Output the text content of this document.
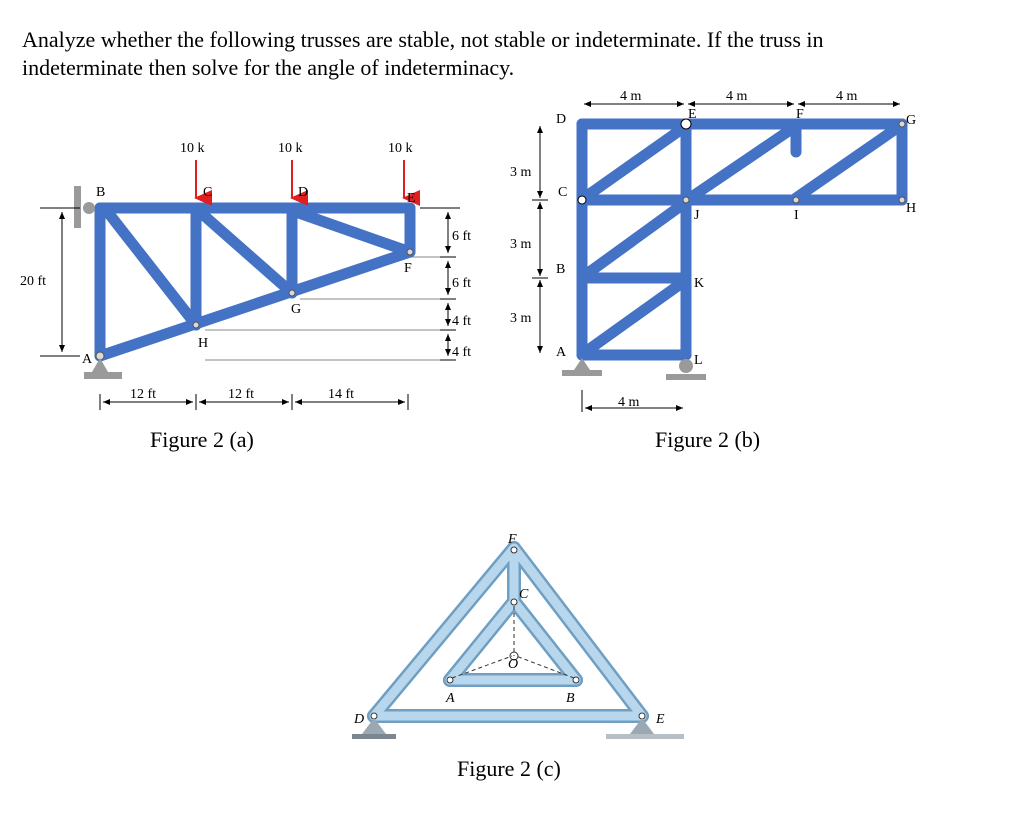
Analyze whether the following trusses are stable, not stable or indeterminate. If the truss in
indeterminate then solve for the angle of indeterminacy.
10 k	10 k	10 k
A
B	C	D	E
F
G
H
20 ft
12 ft	12 ft	14 ft
6 ft
6 ft
4 ft
4 ft
Figure 2 (a)
A
B
C
D	E	F	G
H
I
J
K
L
4 m	4 m	4 m
3 m
3 m
3 m
4 m
Figure 2 (b)
F
C
A	B
D	E
O
Figure 2 (c)
